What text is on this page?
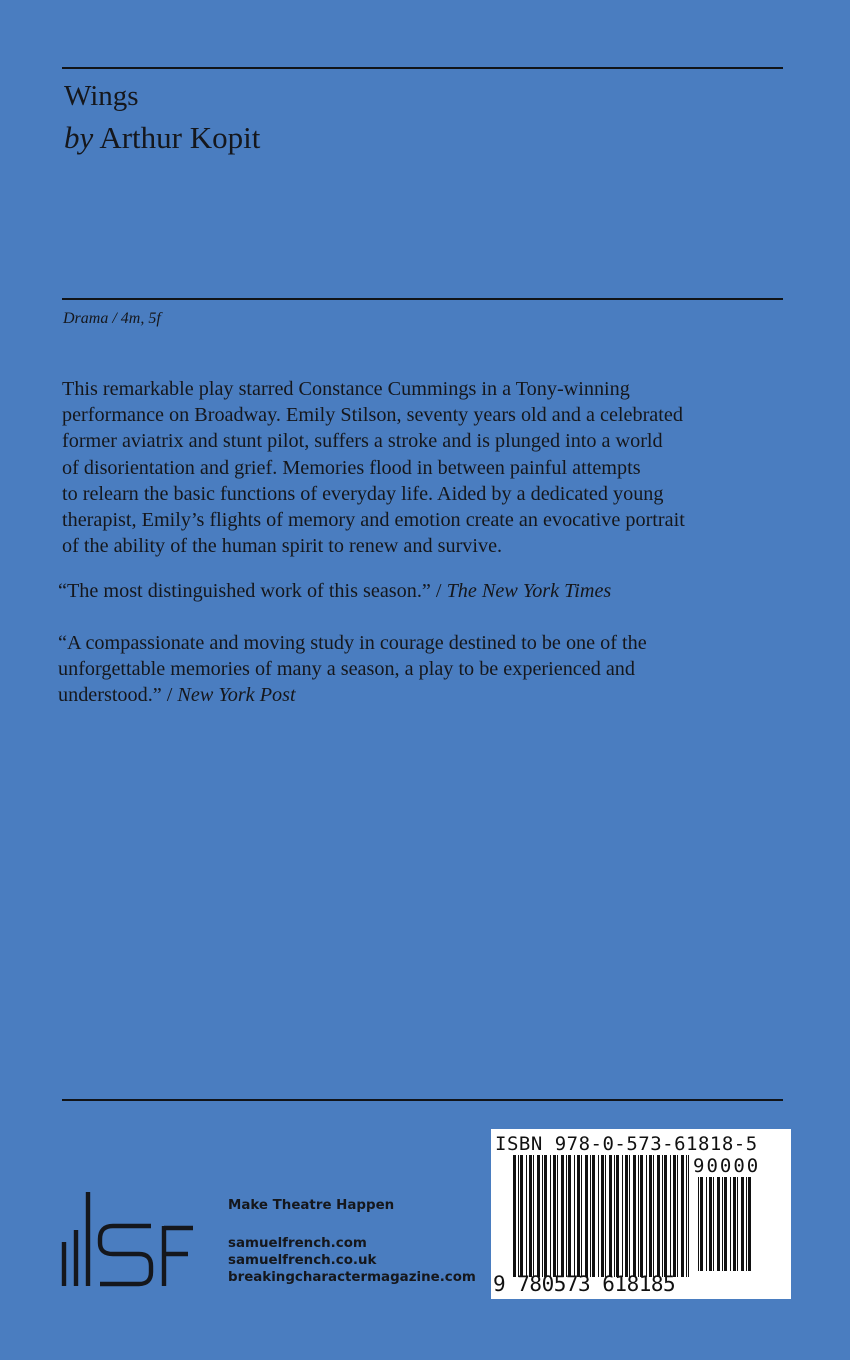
Wings
by Arthur Kopit
Drama / 4m, 5f
This remarkable play starred Constance Cummings in a Tony-winning
performance on Broadway. Emily Stilson, seventy years old and a celebrated
former aviatrix and stunt pilot, suffers a stroke and is plunged into a world
of disorientation and grief. Memories flood in between painful attempts
to relearn the basic functions of everyday life. Aided by a dedicated young
therapist, Emily’s flights of memory and emotion create an evocative portrait
of the ability of the human spirit to renew and survive.
“The most distinguished work of this season.” / The New York Times
“A compassionate and moving study in courage destined to be one of the
unforgettable memories of many a season, a play to be experienced and
understood.” / New York Post
Make Theatre Happen
samuelfrench.com
samuelfrench.co.uk
breakingcharactermagazine.com
ISBN 978-0-573-61818-5
90000
9 780573 618185
